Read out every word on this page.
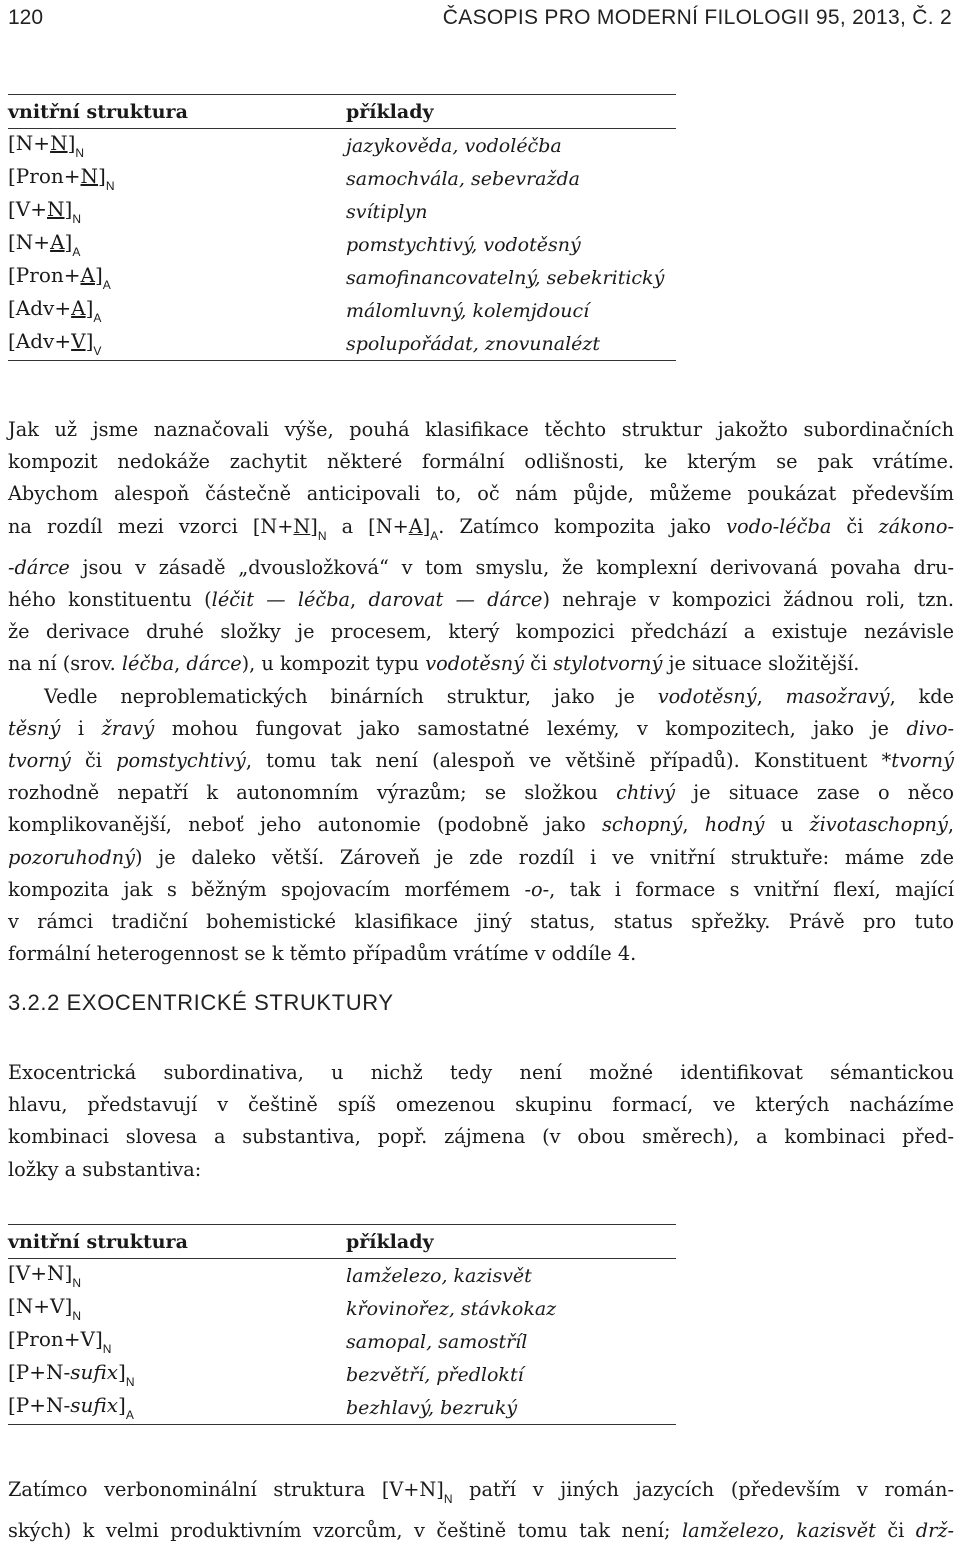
120	ČASOPIS PRO MODERNÍ FILOLOGII 95, 2013, Č. 2
vnitřní struktura	příklady
$[N+N]_N$	jazykověda, vodoléčba
$[Pron+N]_N$	samochvála, sebevražda
$[V+N]_N$	svítiplyn
$[N+A]_A$	pomstychtivý, vodotěsný
$[Pron+A]_A$	samofinancovatelný, sebekritický
$[Adv+A]_A$	málomluvný, kolemjdoucí
$[Adv+V]_V$	spolupořádat, znovunalézt
Jak už jsme naznačovali výše, pouhá klasifikace těchto struktur jakožto subordinačních
kompozit nedokáže zachytit některé formální odlišnosti, ke kterým se pak vrátíme.
Abychom alespoň částečně anticipovali to, oč nám půjde, můžeme poukázat především
na rozdíl mezi vzorci $[N+N]_N$ a $[N+A]_A$. Zatímco kompozita jako vodo-léčba či zákono-
-dárce jsou v zásadě „dvousložková“ v tom smyslu, že komplexní derivovaná povaha dru-
hého konstituentu (léčit — léčba, darovat — dárce) nehraje v kompozici žádnou roli, tzn.
že derivace druhé složky je procesem, který kompozici předchází a existuje nezávisle
na ní (srov. léčba, dárce), u kompozit typu vodotěsný či stylotvorný je situace složitější.
Vedle neproblematických binárních struktur, jako je vodotěsný, masožravý, kde
těsný i žravý mohou fungovat jako samostatné lexémy, v kompozitech, jako je divo-
tvorný či pomstychtivý, tomu tak není (alespoň ve většině případů). Konstituent *tvorný
rozhodně nepatří k autonomním výrazům; se složkou chtivý je situace zase o něco
komplikovanější, neboť jeho autonomie (podobně jako schopný, hodný u životaschopný,
pozoruhodný) je daleko větší. Zároveň je zde rozdíl i ve vnitřní struktuře: máme zde
kompozita jak s běžným spojovacím morfémem -o-, tak i formace s vnitřní flexí, mající
v rámci tradiční bohemistické klasifikace jiný status, status spřežky. Právě pro tuto
formální heterogennost se k těmto případům vrátíme v oddíle 4.
3.2.2 EXOCENTRICKÉ STRUKTURY
Exocentrická subordinativa, u nichž tedy není možné identifikovat sémantickou
hlavu, představují v češtině spíš omezenou skupinu formací, ve kterých nacházíme
kombinaci slovesa a substantiva, popř. zájmena (v obou směrech), a kombinaci před-
ložky a substantiva:
vnitřní struktura	příklady
$[V+N]_N$	lamželezo, kazisvět
$[N+V]_N$	křovinořez, stávkokaz
$[Pron+V]_N$	samopal, samostříl
$[P+N-sufix]_N$	bezvětří, předloktí
$[P+N-sufix]_A$	bezhlavý, bezruký
Zatímco verbonominální struktura $[V+N]_N$ patří v jiných jazycích (především v román-
ských) k velmi produktivním vzorcům, v češtině tomu tak není; lamželezo, kazisvět či drž-
